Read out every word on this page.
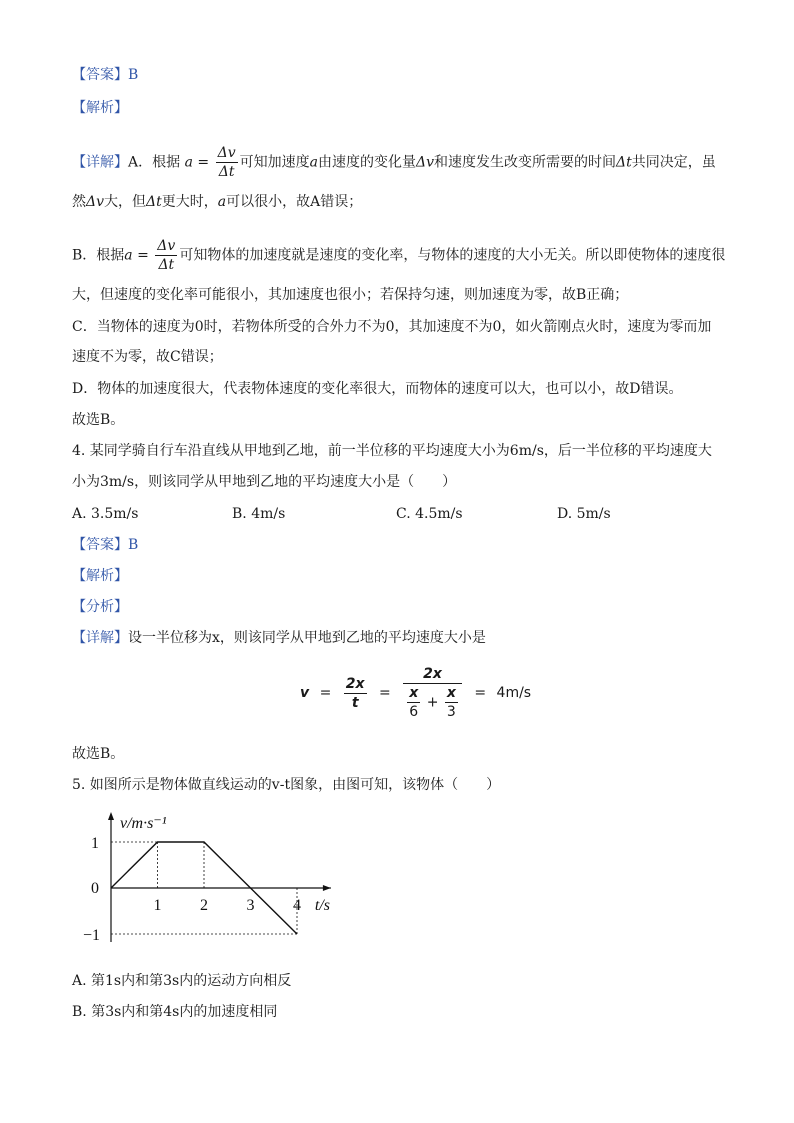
【答案】B
【解析】
【详解】A．根据 $a = \frac{\Delta v}{\Delta t}$ 可知加速度a由速度的变化量Δv和速度发生改变所需要的时间Δt共同决定，虽
然Δv大，但Δt更大时，a可以很小，故A错误；
B．根据$a = \frac{\Delta v}{\Delta t}$ 可知物体的加速度就是速度的变化率，与物体的速度的大小无关。所以即使物体的速度很
大，但速度的变化率可能很小，其加速度也很小；若保持匀速，则加速度为零，故B正确；
C．当物体的速度为0时，若物体所受的合外力不为0，其加速度不为0，如火箭刚点火时，速度为零而加
速度不为零，故C错误；
D．物体的加速度很大，代表物体速度的变化率很大，而物体的速度可以大，也可以小，故D错误。
故选B。
4. 某同学骑自行车沿直线从甲地到乙地，前一半位移的平均速度大小为6m/s，后一半位移的平均速度大
小为3m/s，则该同学从甲地到乙地的平均速度大小是（　　）
A. 3.5m/s	B. 4m/s	C. 4.5m/s	D. 5m/s
【答案】B
【解析】
【分析】
【详解】设一半位移为x，则该同学从甲地到乙地的平均速度大小是
$v = \frac{2x}{t} = \frac{2x}{\frac{x}{6} + \frac{x}{3}} = 4m/s$
故选B。
5. 如图所示是物体做直线运动的v-t图象，由图可知，该物体（　　）
1 2 3 4
0
1
−1
v/m·s⁻¹
t/s
A. 第1s内和第3s内的运动方向相反
B. 第3s内和第4s内的加速度相同
